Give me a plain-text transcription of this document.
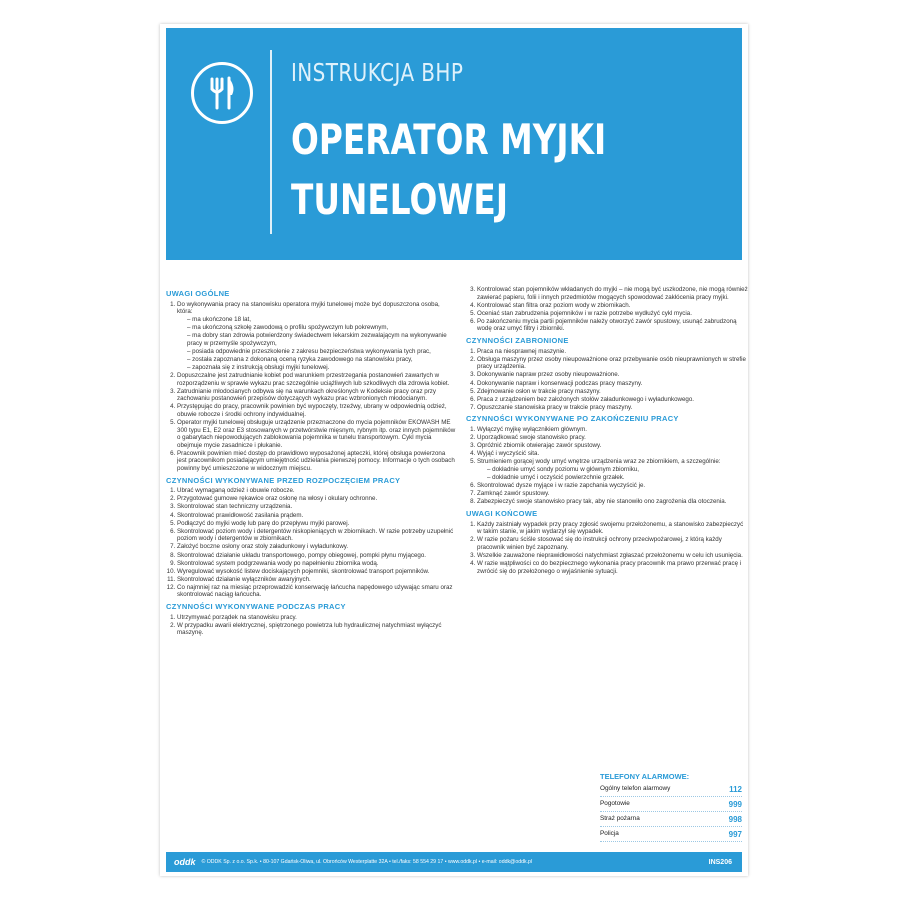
INSTRUKCJA BHP
OPERATOR MYJKI
TUNELOWEJ
UWAGI OGÓLNE
1. Do wykonywania pracy na stanowisku operatora myjki tunelowej może być dopuszczona osoba, która:
– ma ukończone 18 lat,
– ma ukończoną szkołę zawodową o profilu spożywczym lub pokrewnym,
– ma dobry stan zdrowia potwierdzony świadectwem lekarskim zezwalającym na wykonywanie pracy w przemyśle spożywczym,
– posiada odpowiednie przeszkolenie z zakresu bezpieczeństwa wykonywania tych prac,
– została zapoznana z dokonaną oceną ryzyka zawodowego na stanowisku pracy,
– zapoznała się z instrukcją obsługi myjki tunelowej.
2. Dopuszczalne jest zatrudnianie kobiet pod warunkiem przestrzegania postanowień zawartych w rozporządzeniu w sprawie wykazu prac szczególnie uciążliwych lub szkodliwych dla zdrowia kobiet.
3. Zatrudnianie młodocianych odbywa się na warunkach określonych w Kodeksie pracy oraz przy zachowaniu postanowień przepisów dotyczących wykazu prac wzbronionych młodocianym.
4. Przystępując do pracy, pracownik powinien być wypoczęty, trzeźwy, ubrany w odpowiednią odzież, obuwie robocze i środki ochrony indywidualnej.
5. Operator myjki tunelowej obsługuje urządzenie przeznaczone do mycia pojemników EKOWASH ME 300 typu E1, E2 oraz E3 stosowanych w przetwórstwie mięsnym, rybnym itp. oraz innych pojemników o gabarytach niepowodujących zablokowania pojemnika w tunelu transportowym. Cykl mycia obejmuje mycie zasadnicze i płukanie.
6. Pracownik powinien mieć dostęp do prawidłowo wyposażonej apteczki, której obsługa powierzona jest pracownikom posiadającym umiejętność udzielania pierwszej pomocy. Informacje o tych osobach powinny być umieszczone w widocznym miejscu.
CZYNNOŚCI WYKONYWANE PRZED ROZPOCZĘCIEM PRACY
1. Ubrać wymaganą odzież i obuwie robocze.
2. Przygotować gumowe rękawice oraz osłonę na włosy i okulary ochronne.
3. Skontrolować stan techniczny urządzenia.
4. Skontrolować prawidłowość zasilania prądem.
5. Podłączyć do myjki wodę lub parę do przepływu myjki parowej.
6. Skontrolować poziom wody i detergentów niskopieniących w zbiornikach. W razie potrzeby uzupełnić poziom wody i detergentów w zbiornikach.
7. Założyć boczne osłony oraz stoły załadunkowy i wyładunkowy.
8. Skontrolować działanie układu transportowego, pompy obiegowej, pompki płynu myjącego.
9. Skontrolować system podgrzewania wody po napełnieniu zbiornika wodą.
10. Wyregulować wysokość listew dociskających pojemniki, skontrolować transport pojemników.
11. Skontrolować działanie wyłączników awaryjnych.
12. Co najmniej raz na miesiąc przeprowadzić konserwację łańcucha napędowego używając smaru oraz skontrolować naciąg łańcucha.
CZYNNOŚCI WYKONYWANE PODCZAS PRACY
1. Utrzymywać porządek na stanowisku pracy.
2. W przypadku awarii elektrycznej, spiętrzonego powietrza lub hydraulicznej natychmiast wyłączyć maszynę.
3. Kontrolować stan pojemników wkładanych do myjki – nie mogą być uszkodzone, nie mogą również zawierać papieru, folii i innych przedmiotów mogących spowodować zakłócenia pracy myjki.
4. Kontrolować stan filtra oraz poziom wody w zbiornikach.
5. Oceniać stan zabrudzenia pojemników i w razie potrzebe wydłużyć cykl mycia.
6. Po zakończeniu mycia partii pojemników należy otworzyć zawór spustowy, usunąć zabrudzoną wodę oraz umyć filtry i zbiorniki.
CZYNNOŚCI ZABRONIONE
1. Praca na niesprawnej maszynie.
2. Obsługa maszyny przez osoby nieupoważnione oraz przebywanie osób nieuprawnionych w strefie pracy urządzenia.
3. Dokonywanie napraw przez osoby nieupoważnione.
4. Dokonywanie napraw i konserwacji podczas pracy maszyny.
5. Zdejmowanie osłon w trakcie pracy maszyny.
6. Praca z urządzeniem bez założonych stołów załadunkowego i wyładunkowego.
7. Opuszczanie stanowiska pracy w trakcie pracy maszyny.
CZYNNOŚCI WYKONYWANE PO ZAKOŃCZENIU PRACY
1. Wyłączyć myjkę wyłącznikiem głównym.
2. Uporządkować swoje stanowisko pracy.
3. Opróżnić zbiornik otwierając zawór spustowy.
4. Wyjąć i wyczyścić sita.
5. Strumieniem gorącej wody umyć wnętrze urządzenia wraz ze zbiornikiem, a szczególnie:
– dokładnie umyć sondy poziomu w głównym zbiorniku,
– dokładnie umyć i oczyścić powierzchnie grzałek.
6. Skontrolować dysze myjące i w razie zapchania wyczyścić je.
7. Zamknąć zawór spustowy.
8. Zabezpieczyć swoje stanowisko pracy tak, aby nie stanowiło ono zagrożenia dla otoczenia.
UWAGI KOŃCOWE
1. Każdy zaistniały wypadek przy pracy zgłosić swojemu przełożonemu, a stanowisko zabezpieczyć w takim stanie, w jakim wydarzył się wypadek.
2. W razie pożaru ściśle stosować się do instrukcji ochrony przeciwpożarowej, z którą każdy pracownik winien być zapoznany.
3. Wszelkie zauważone nieprawidłowości natychmiast zgłaszać przełożonemu w celu ich usunięcia.
4. W razie wątpliwości co do bezpiecznego wykonania pracy pracownik ma prawo przerwać pracę i zwrócić się do przełożonego o wyjaśnienie sytuacji.
TELEFONY ALARMOWE:
Ogólny telefon alarmowy	112
Pogotowie	999
Straż pożarna	998
Policja	997
oddk © ODDK Sp. z o.o. Sp.k. • 80-107 Gdańsk-Oliwa, ul. Obrońców Westerplatte 32A • tel./faks: 58 554 29 17 • www.oddk.pl • e-mail: oddk@oddk.pl	INS206
